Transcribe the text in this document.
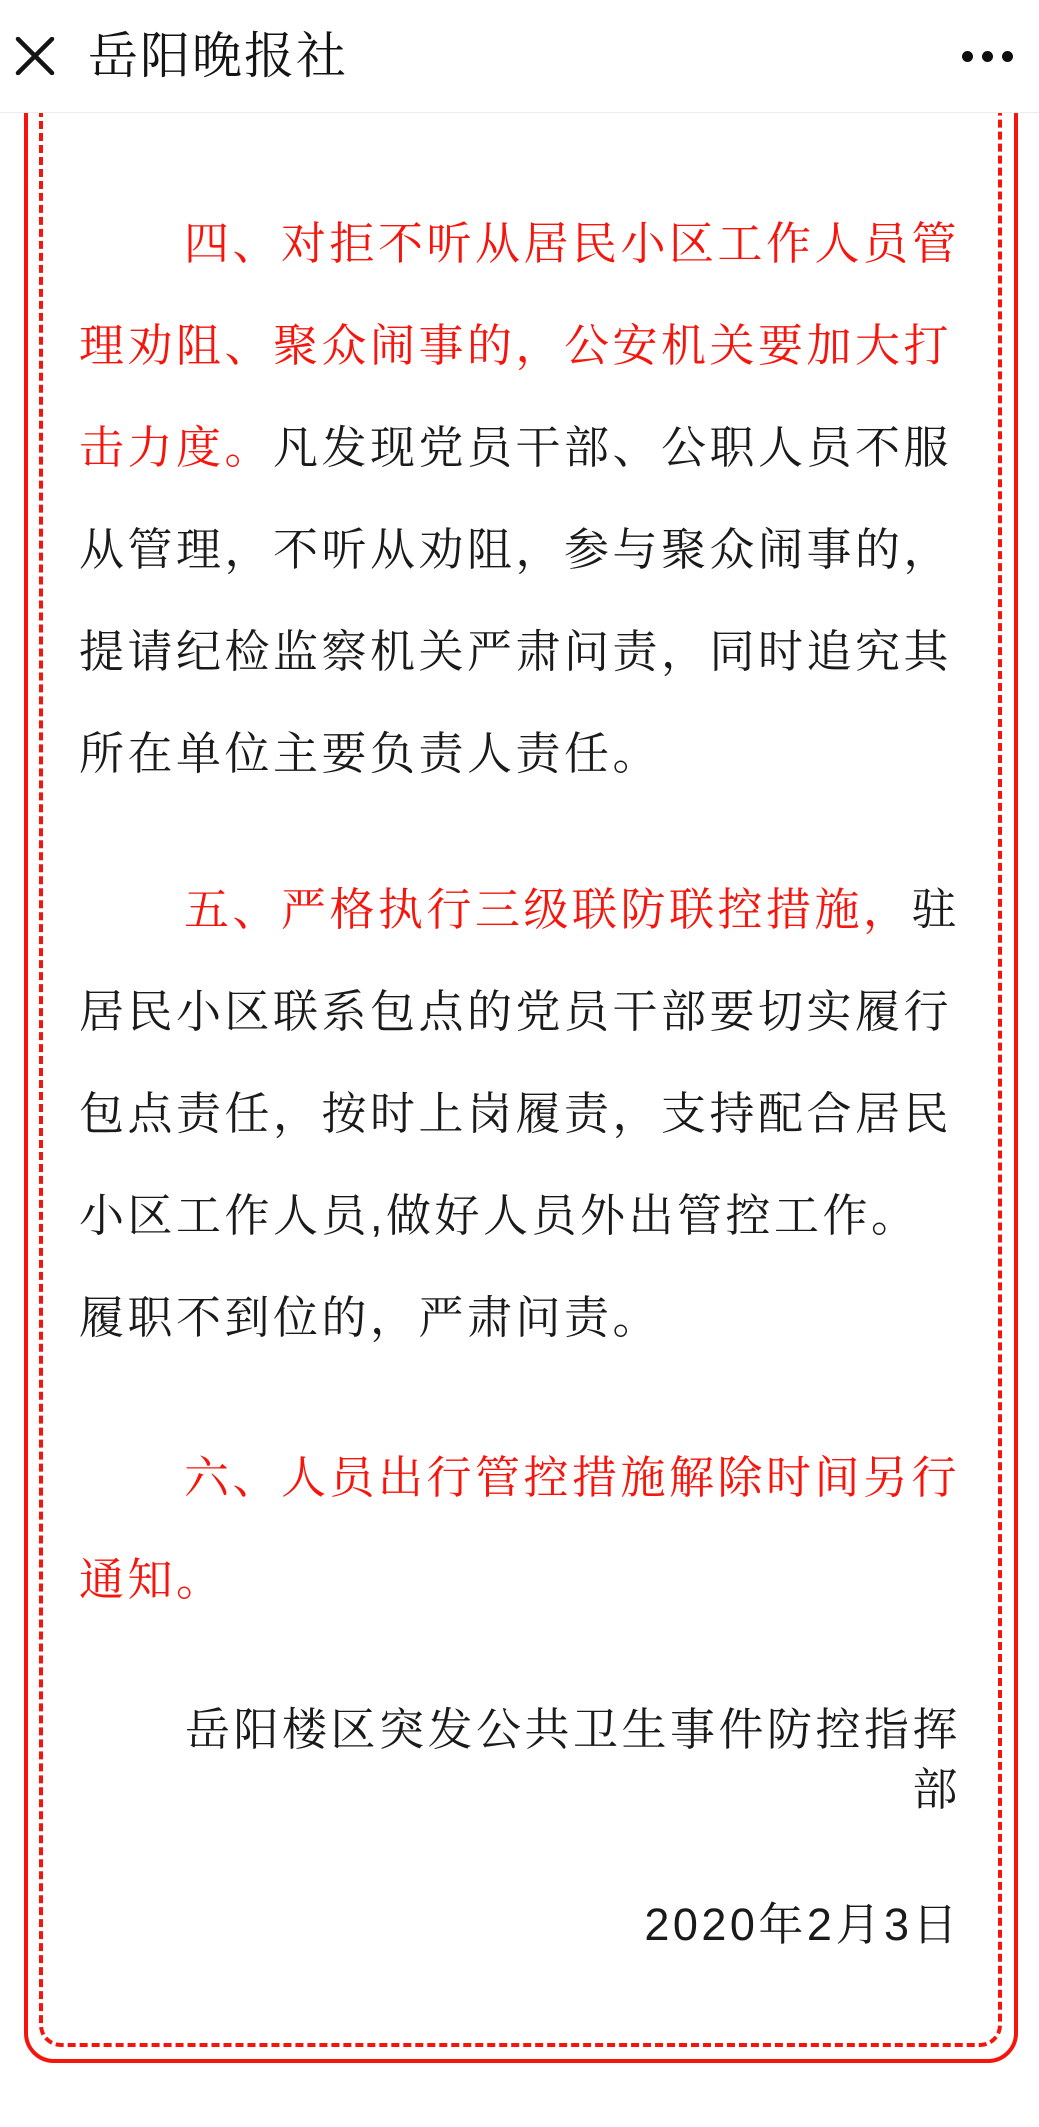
岳阳晚报社

四、对拒不听从居民小区工作人员管理劝阻、聚众闹事的，公安机关要加大打击力度。凡发现党员干部、公职人员不服从管理，不听从劝阻，参与聚众闹事的，提请纪检监察机关严肃问责，同时追究其所在单位主要负责人责任。

五、严格执行三级联防联控措施，驻居民小区联系包点的党员干部要切实履行包点责任，按时上岗履责，支持配合居民小区工作人员,做好人员外出管控工作。履职不到位的，严肃问责。

六、人员出行管控措施解除时间另行通知。

岳阳楼区突发公共卫生事件防控指挥
部
2020年2月3日
